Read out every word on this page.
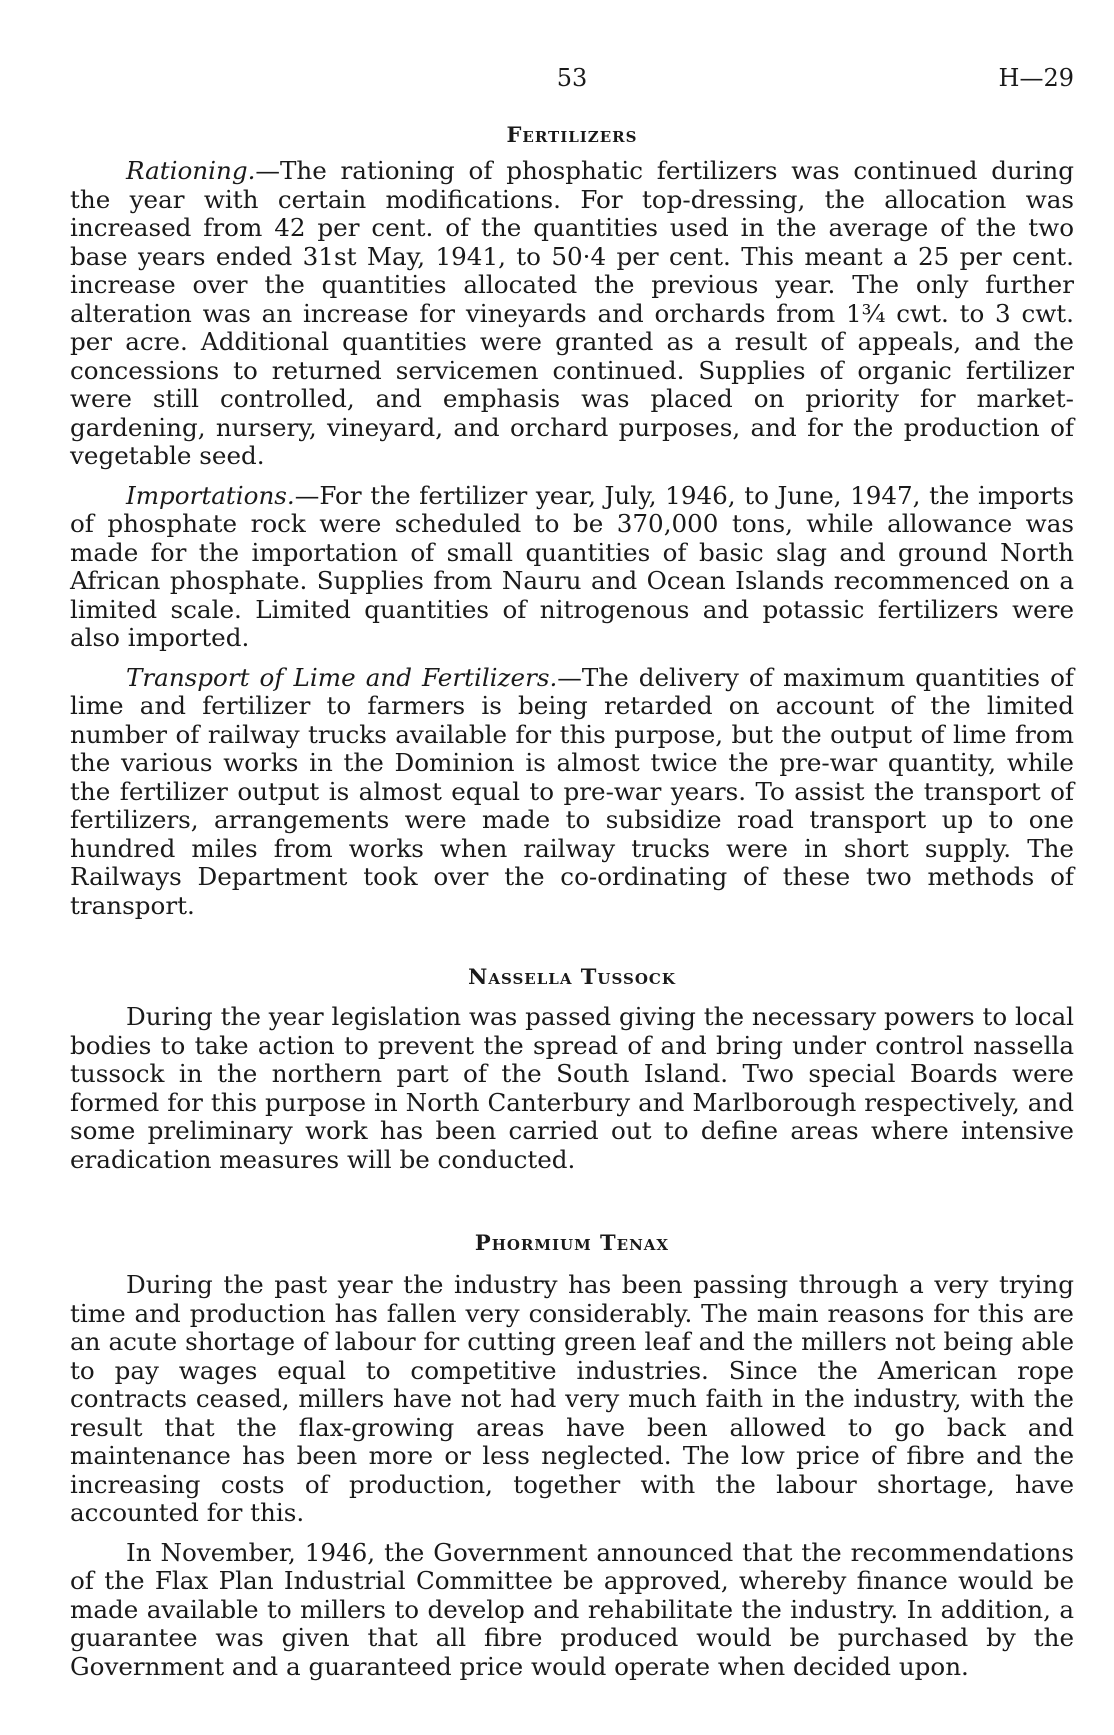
53	H—29
Fertilizers

Rationing.—The rationing of phosphatic fertilizers was continued during the year with certain modifications. For top-dressing, the allocation was increased from 42 per cent. of the quantities used in the average of the two base years ended 31st May, 1941, to 50·4 per cent. This meant a 25 per cent. increase over the quantities allocated the previous year. The only further alteration was an increase for vineyards and orchards from 1¾ cwt. to 3 cwt. per acre. Additional quantities were granted as a result of appeals, and the concessions to returned servicemen continued. Supplies of organic fertilizer were still controlled, and emphasis was placed on priority for market-gardening, nursery, vineyard, and orchard purposes, and for the production of vegetable seed.

Importations.—For the fertilizer year, July, 1946, to June, 1947, the imports of phosphate rock were scheduled to be 370,000 tons, while allowance was made for the importation of small quantities of basic slag and ground North African phosphate. Supplies from Nauru and Ocean Islands recommenced on a limited scale. Limited quantities of nitrogenous and potassic fertilizers were also imported.

Transport of Lime and Fertilizers.—The delivery of maximum quantities of lime and fertilizer to farmers is being retarded on account of the limited number of railway trucks available for this purpose, but the output of lime from the various works in the Dominion is almost twice the pre-war quantity, while the fertilizer output is almost equal to pre-war years. To assist the transport of fertilizers, arrangements were made to subsidize road transport up to one hundred miles from works when railway trucks were in short supply. The Railways Department took over the co-ordinating of these two methods of transport.

Nassella Tussock

During the year legislation was passed giving the necessary powers to local bodies to take action to prevent the spread of and bring under control nassella tussock in the northern part of the South Island. Two special Boards were formed for this purpose in North Canterbury and Marlborough respectively, and some preliminary work has been carried out to define areas where intensive eradication measures will be conducted.

Phormium Tenax

During the past year the industry has been passing through a very trying time and production has fallen very considerably. The main reasons for this are an acute shortage of labour for cutting green leaf and the millers not being able to pay wages equal to competitive industries. Since the American rope contracts ceased, millers have not had very much faith in the industry, with the result that the flax-growing areas have been allowed to go back and maintenance has been more or less neglected. The low price of fibre and the increasing costs of production, together with the labour shortage, have accounted for this.

In November, 1946, the Government announced that the recommendations of the Flax Plan Industrial Committee be approved, whereby finance would be made available to millers to develop and rehabilitate the industry. In addition, a guarantee was given that all fibre produced would be purchased by the Government and a guaranteed price would operate when decided upon.
